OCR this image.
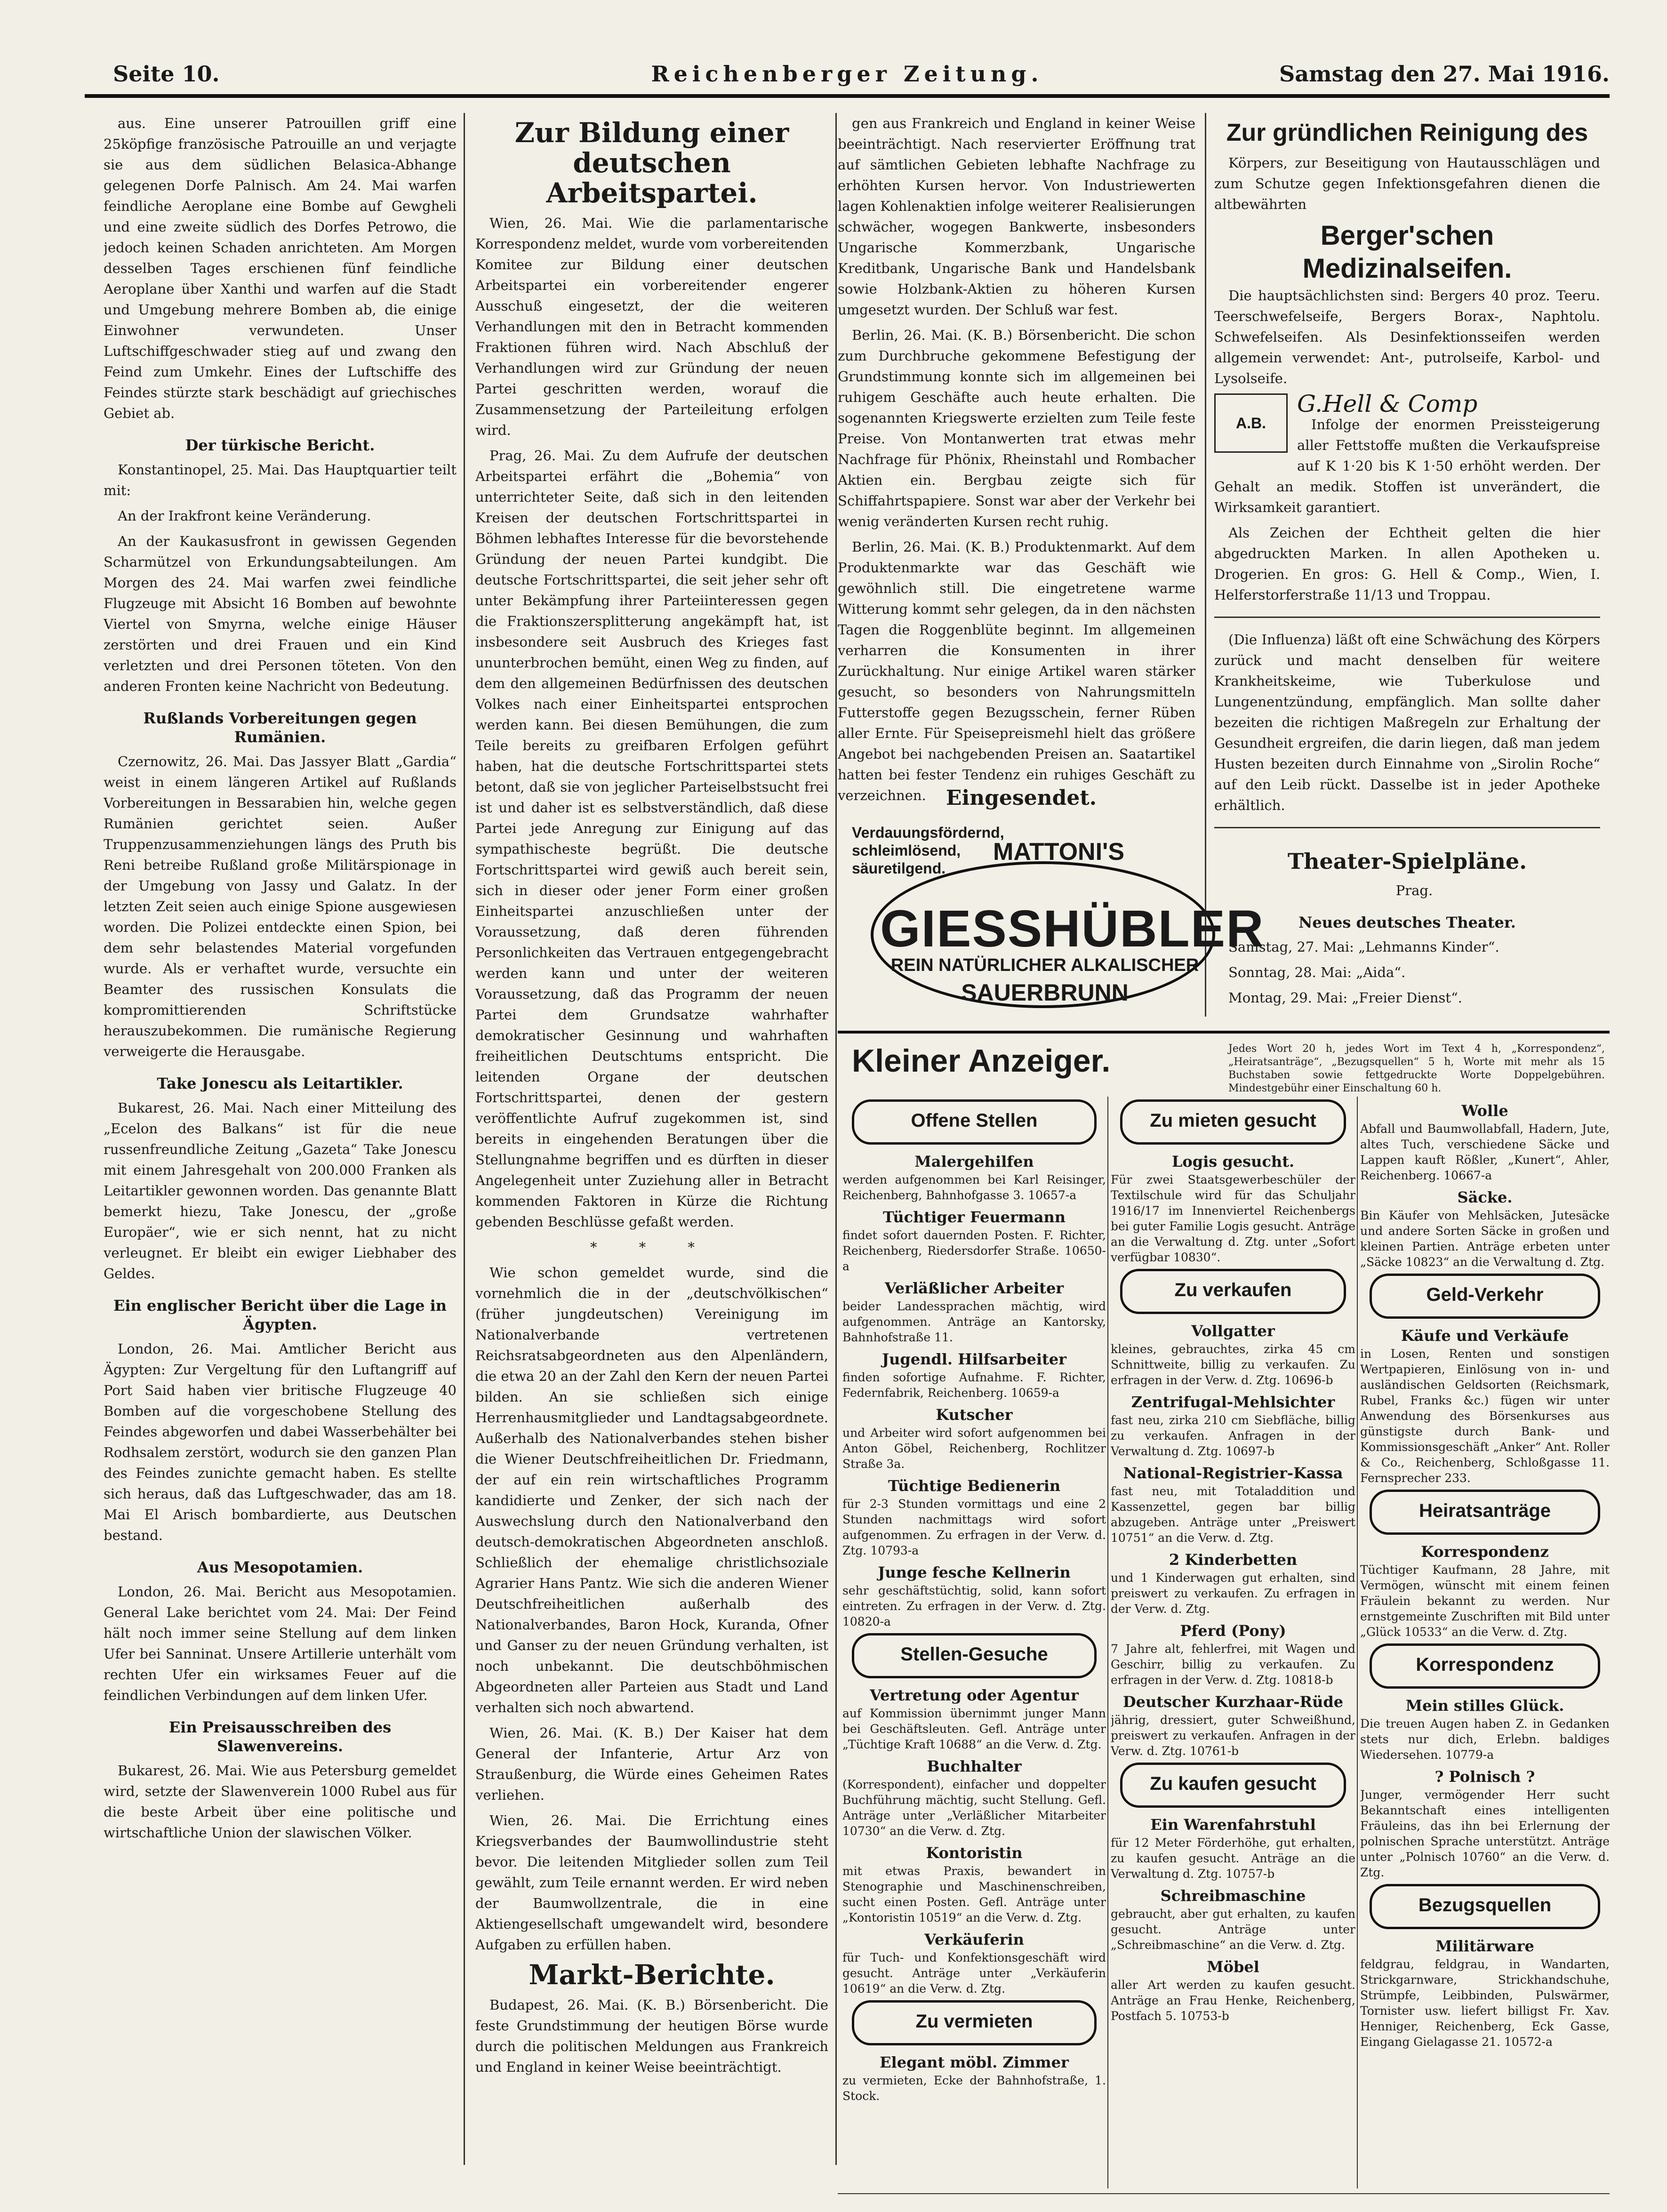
Seite 10.	Reichenberger Zeitung.	Samstag den 27. Mai 1916.

aus. Eine unserer Patrouillen griff eine 25köpfige französische Patrouille an und verjagte sie aus dem südlichen Belasica-Abhange gelegenen Dorfe Palnisch. Am 24. Mai warfen feindliche Aeroplane eine Bombe auf Gewgheli und eine zweite südlich des Dorfes Petrowo, die jedoch keinen Schaden anrichteten. Am Morgen desselben Tages erschienen fünf feindliche Aeroplane über Xanthi und warfen auf die Stadt und Umgebung mehrere Bomben ab, die einige Einwohner verwundeten. Unser Luftschiffgeschwader stieg auf und zwang den Feind zum Umkehr. Eines der Luftschiffe des Feindes stürzte stark beschädigt auf griechisches Gebiet ab.

Der türkische Bericht.

Konstantinopel, 25. Mai. Das Hauptquartier teilt mit:

An der Irakfront keine Veränderung.

An der Kaukasusfront in gewissen Gegenden Scharmützel von Erkundungsabteilungen. Am Morgen des 24. Mai warfen zwei feindliche Flugzeuge mit Absicht 16 Bomben auf bewohnte Viertel von Smyrna, welche einige Häuser zerstörten und drei Frauen und ein Kind verletzten und drei Personen töteten. Von den anderen Fronten keine Nachricht von Bedeutung.

Rußlands Vorbereitungen gegen Rumänien.

Czernowitz, 26. Mai. Das Jassyer Blatt „Gardia“ weist in einem längeren Artikel auf Rußlands Vorbereitungen in Bessarabien hin, welche gegen Rumänien gerichtet seien. Außer Truppenzusammenziehungen längs des Pruth bis Reni betreibe Rußland große Militärspionage in der Umgebung von Jassy und Galatz. In der letzten Zeit seien auch einige Spione ausgewiesen worden. Die Polizei entdeckte einen Spion, bei dem sehr belastendes Material vorgefunden wurde. Als er verhaftet wurde, versuchte ein Beamter des russischen Konsulats die kompromittierenden Schriftstücke herauszubekommen. Die rumänische Regierung verweigerte die Herausgabe.

Take Jonescu als Leitartikler.

Bukarest, 26. Mai. Nach einer Mitteilung des „Ecelon des Balkans“ ist für die neue russenfreundliche Zeitung „Gazeta“ Take Jonescu mit einem Jahresgehalt von 200.000 Franken als Leitartikler gewonnen worden. Das genannte Blatt bemerkt hiezu, Take Jonescu, der „große Europäer“, wie er sich nennt, hat zu nicht verleugnet. Er bleibt ein ewiger Liebhaber des Geldes.

Ein englischer Bericht über die Lage in Ägypten.

London, 26. Mai. Amtlicher Bericht aus Ägypten: Zur Vergeltung für den Luftangriff auf Port Said haben vier britische Flugzeuge 40 Bomben auf die vorgeschobene Stellung des Feindes abgeworfen und dabei Wasserbehälter bei Rodhsalem zerstört, wodurch sie den ganzen Plan des Feindes zunichte gemacht haben. Es stellte sich heraus, daß das Luftgeschwader, das am 18. Mai El Arisch bombardierte, aus Deutschen bestand.

Aus Mesopotamien.

London, 26. Mai. Bericht aus Mesopotamien. General Lake berichtet vom 24. Mai: Der Feind hält noch immer seine Stellung auf dem linken Ufer bei Sanninat. Unsere Artillerie unterhält vom rechten Ufer ein wirksames Feuer auf die feindlichen Verbindungen auf dem linken Ufer.

Ein Preisausschreiben des Slawenvereins.

Bukarest, 26. Mai. Wie aus Petersburg gemeldet wird, setzte der Slawenverein 1000 Rubel aus für die beste Arbeit über eine politische und wirtschaftliche Union der slawischen Völker.

Zur Bildung einer deutschen Arbeitspartei.

Wien, 26. Mai. Wie die parlamentarische Korrespondenz meldet, wurde vom vorbereitenden Komitee zur Bildung einer deutschen Arbeitspartei ein vorbereitender engerer Ausschuß eingesetzt, der die weiteren Verhandlungen mit den in Betracht kommenden Fraktionen führen wird. Nach Abschluß der Verhandlungen wird zur Gründung der neuen Partei geschritten werden, worauf die Zusammensetzung der Parteileitung erfolgen wird.

Prag, 26. Mai. Zu dem Aufrufe der deutschen Arbeitspartei erfährt die „Bohemia“ von unterrichteter Seite, daß sich in den leitenden Kreisen der deutschen Fortschrittspartei in Böhmen lebhaftes Interesse für die bevorstehende Gründung der neuen Partei kundgibt. Die deutsche Fortschrittspartei, die seit jeher sehr oft unter Bekämpfung ihrer Parteiinteressen gegen die Fraktionszersplitterung angekämpft hat, ist insbesondere seit Ausbruch des Krieges fast ununterbrochen bemüht, einen Weg zu finden, auf dem den allgemeinen Bedürfnissen des deutschen Volkes nach einer Einheitspartei entsprochen werden kann. Bei diesen Bemühungen, die zum Teile bereits zu greifbaren Erfolgen geführt haben, hat die deutsche Fortschrittspartei stets betont, daß sie von jeglicher Parteiselbstsucht frei ist und daher ist es selbstverständlich, daß diese Partei jede Anregung zur Einigung auf das sympathischeste begrüßt. Die deutsche Fortschrittspartei wird gewiß auch bereit sein, sich in dieser oder jener Form einer großen Einheitspartei anzuschließen unter der Voraussetzung, daß deren führenden Personlichkeiten das Vertrauen entgegengebracht werden kann und unter der weiteren Voraussetzung, daß das Programm der neuen Partei dem Grundsatze wahrhafter demokratischer Gesinnung und wahrhaften freiheitlichen Deutschtums entspricht. Die leitenden Organe der deutschen Fortschrittspartei, denen der gestern veröffentlichte Aufruf zugekommen ist, sind bereits in eingehenden Beratungen über die Stellungnahme begriffen und es dürften in dieser Angelegenheit unter Zuziehung aller in Betracht kommenden Faktoren in Kürze die Richtung gebenden Beschlüsse gefaßt werden.

* * *

Wie schon gemeldet wurde, sind die vornehmlich die in der „deutschvölkischen“ (früher jungdeutschen) Vereinigung im Nationalverbande vertretenen Reichsratsabgeordneten aus den Alpenländern, die etwa 20 an der Zahl den Kern der neuen Partei bilden. An sie schließen sich einige Herrenhausmitglieder und Landtagsabgeordnete. Außerhalb des Nationalverbandes stehen bisher die Wiener Deutschfreiheitlichen Dr. Friedmann, der auf ein rein wirtschaftliches Programm kandidierte und Zenker, der sich nach der Auswechslung durch den Nationalverband den deutsch-demokratischen Abgeordneten anschloß. Schließlich der ehemalige christlichsoziale Agrarier Hans Pantz. Wie sich die anderen Wiener Deutschfreiheitlichen außerhalb des Nationalverbandes, Baron Hock, Kuranda, Ofner und Ganser zu der neuen Gründung verhalten, ist noch unbekannt. Die deutschböhmischen Abgeordneten aller Parteien aus Stadt und Land verhalten sich noch abwartend.

Wien, 26. Mai. (K. B.) Der Kaiser hat dem General der Infanterie, Artur Arz von Straußenburg, die Würde eines Geheimen Rates verliehen.

Wien, 26. Mai. Die Errichtung eines Kriegsverbandes der Baumwollindustrie steht bevor. Die leitenden Mitglieder sollen zum Teil gewählt, zum Teile ernannt werden. Er wird neben der Baumwollzentrale, die in eine Aktiengesellschaft umgewandelt wird, besondere Aufgaben zu erfüllen haben.

Markt-Berichte.

Budapest, 26. Mai. (K. B.) Börsenbericht. Die feste Grundstimmung der heutigen Börse wurde durch die politischen Meldungen aus Frankreich und England in keiner Weise beeinträchtigt.

gen aus Frankreich und England in keiner Weise beeinträchtigt. Nach reservierter Eröffnung trat auf sämtlichen Gebieten lebhafte Nachfrage zu erhöhten Kursen hervor. Von Industriewerten lagen Kohlenaktien infolge weiterer Realisierungen schwächer, wogegen Bankwerte, insbesonders Ungarische Kommerzbank, Ungarische Kreditbank, Ungarische Bank und Handelsbank sowie Holzbank-Aktien zu höheren Kursen umgesetzt wurden. Der Schluß war fest.

Berlin, 26. Mai. (K. B.) Börsenbericht. Die schon zum Durchbruche gekommene Befestigung der Grundstimmung konnte sich im allgemeinen bei ruhigem Geschäfte auch heute erhalten. Die sogenannten Kriegswerte erzielten zum Teile feste Preise. Von Montanwerten trat etwas mehr Nachfrage für Phönix, Rheinstahl und Rombacher Aktien ein. Bergbau zeigte sich für Schiffahrtspapiere. Sonst war aber der Verkehr bei wenig veränderten Kursen recht ruhig.

Berlin, 26. Mai. (K. B.) Produktenmarkt. Auf dem Produktenmarkte war das Geschäft wie gewöhnlich still. Die eingetretene warme Witterung kommt sehr gelegen, da in den nächsten Tagen die Roggenblüte beginnt. Im allgemeinen verharren die Konsumenten in ihrer Zurückhaltung. Nur einige Artikel waren stärker gesucht, so besonders von Nahrungsmitteln Futterstoffe gegen Bezugsschein, ferner Rüben aller Ernte. Für Speisepreismehl hielt das größere Angebot bei nachgebenden Preisen an. Saatartikel hatten bei fester Tendenz ein ruhiges Geschäft zu verzeichnen.

Zur gründlichen Reinigung des

Körpers, zur Beseitigung von Hautausschlägen und zum Schutze gegen Infektionsgefahren dienen die altbewährten

Berger'schen Medizinalseifen.

Die hauptsächlichsten sind: Bergers 40 proz. Teeru. Teerschwefelseife, Bergers Borax-, Naphtolu. Schwefelseifen. Als Desinfektionsseifen werden allgemein verwendet: Ant-, putrolseife, Karbol- und Lysolseife.

A.B.
G.Hell & Comp

Infolge der enormen Preissteigerung aller Fettstoffe mußten die Verkaufspreise auf K 1·20 bis K 1·50 erhöht werden. Der Gehalt an medik. Stoffen ist unverändert, die Wirksamkeit garantiert.

Als Zeichen der Echtheit gelten die hier abgedruckten Marken. In allen Apotheken u. Drogerien. En gros: G. Hell & Comp., Wien, I. Helferstorferstraße 11/13 und Troppau.

(Die Influenza) läßt oft eine Schwächung des Körpers zurück und macht denselben für weitere Krankheitskeime, wie Tuberkulose und Lungenentzündung, empfänglich. Man sollte daher bezeiten die richtigen Maßregeln zur Erhaltung der Gesundheit ergreifen, die darin liegen, daß man jedem Husten bezeiten durch Einnahme von „Sirolin Roche“ auf den Leib rückt. Dasselbe ist in jeder Apotheke erhältlich.

Theater-Spielpläne.

Prag.

Neues deutsches Theater.

Samstag, 27. Mai: „Lehmanns Kinder“.

Sonntag, 28. Mai: „Aida“.

Montag, 29. Mai: „Freier Dienst“.

Eingesendet.
Verdauungsfördernd, schleimlösend, säuretilgend.
MATTONI'S
GIESSHÜBLER
REIN NATÜRLICHER ALKALISCHER
SAUERBRUNN
Kleiner Anzeiger.	Jedes Wort 20 h, jedes Wort im Text 4 h, „Korrespondenz“, „Heiratsanträge“, „Bezugsquellen“ 5 h, Worte mit mehr als 15 Buchstaben sowie fettgedruckte Worte Doppelgebühren. Mindestgebühr einer Einschaltung 60 h.
Offene Stellen
Malergehilfen
werden aufgenommen bei Karl Reisinger, Reichenberg, Bahnhofgasse 3. 10657-a
Tüchtiger Feuermann
findet sofort dauernden Posten. F. Richter, Reichenberg, Riedersdorfer Straße. 10650-a
Verläßlicher Arbeiter
beider Landessprachen mächtig, wird aufgenommen. Anträge an Kantorsky, Bahnhofstraße 11.
Jugendl. Hilfsarbeiter
finden sofortige Aufnahme. F. Richter, Federnfabrik, Reichenberg. 10659-a
Kutscher
und Arbeiter wird sofort aufgenommen bei Anton Göbel, Reichenberg, Rochlitzer Straße 3a.
Tüchtige Bedienerin
für 2-3 Stunden vormittags und eine 2 Stunden nachmittags wird sofort aufgenommen. Zu erfragen in der Verw. d. Ztg. 10793-a
Junge fesche Kellnerin
sehr geschäftstüchtig, solid, kann sofort eintreten. Zu erfragen in der Verw. d. Ztg. 10820-a
Stellen-Gesuche
Vertretung oder Agentur
auf Kommission übernimmt junger Mann bei Geschäftsleuten. Gefl. Anträge unter „Tüchtige Kraft 10688“ an die Verw. d. Ztg.
Buchhalter
(Korrespondent), einfacher und doppelter Buchführung mächtig, sucht Stellung. Gefl. Anträge unter „Verläßlicher Mitarbeiter 10730“ an die Verw. d. Ztg.
Kontoristin
mit etwas Praxis, bewandert in Stenographie und Maschinenschreiben, sucht einen Posten. Gefl. Anträge unter „Kontoristin 10519“ an die Verw. d. Ztg.
Verkäuferin
für Tuch- und Konfektionsgeschäft wird gesucht. Anträge unter „Verkäuferin 10619“ an die Verw. d. Ztg.
Zu vermieten
Elegant möbl. Zimmer
zu vermieten, Ecke der Bahnhofstraße, 1. Stock.
Zu mieten gesucht
Logis gesucht.
Für zwei Staatsgewerbeschüler der Textilschule wird für das Schuljahr 1916/17 im Innenviertel Reichenbergs bei guter Familie Logis gesucht. Anträge an die Verwaltung d. Ztg. unter „Sofort verfügbar 10830“.
Zu verkaufen
Vollgatter
kleines, gebrauchtes, zirka 45 cm Schnittweite, billig zu verkaufen. Zu erfragen in der Verw. d. Ztg. 10696-b
Zentrifugal-Mehlsichter
fast neu, zirka 210 cm Siebfläche, billig zu verkaufen. Anfragen in der Verwaltung d. Ztg. 10697-b
National-Registrier-Kassa
fast neu, mit Totaladdition und Kassenzettel, gegen bar billig abzugeben. Anträge unter „Preiswert 10751“ an die Verw. d. Ztg.
2 Kinderbetten
und 1 Kinderwagen gut erhalten, sind preiswert zu verkaufen. Zu erfragen in der Verw. d. Ztg.
Pferd (Pony)
7 Jahre alt, fehlerfrei, mit Wagen und Geschirr, billig zu verkaufen. Zu erfragen in der Verw. d. Ztg. 10818-b
Deutscher Kurzhaar-Rüde
jährig, dressiert, guter Schweißhund, preiswert zu verkaufen. Anfragen in der Verw. d. Ztg. 10761-b
Zu kaufen gesucht
Ein Warenfahrstuhl
für 12 Meter Förderhöhe, gut erhalten, zu kaufen gesucht. Anträge an die Verwaltung d. Ztg. 10757-b
Schreibmaschine
gebraucht, aber gut erhalten, zu kaufen gesucht. Anträge unter „Schreibmaschine“ an die Verw. d. Ztg.
Möbel
aller Art werden zu kaufen gesucht. Anträge an Frau Henke, Reichenberg, Postfach 5. 10753-b
Wolle
Abfall und Baumwollabfall, Hadern, Jute, altes Tuch, verschiedene Säcke und Lappen kauft Rößler, „Kunert“, Ahler, Reichenberg. 10667-a
Säcke.
Bin Käufer von Mehlsäcken, Jutesäcke und andere Sorten Säcke in großen und kleinen Partien. Anträge erbeten unter „Säcke 10823“ an die Verwaltung d. Ztg.
Geld-Verkehr
Käufe und Verkäufe
in Losen, Renten und sonstigen Wertpapieren, Einlösung von in- und ausländischen Geldsorten (Reichsmark, Rubel, Franks &c.) fügen wir unter Anwendung des Börsenkurses aus günstigste durch Bank- und Kommissionsgeschäft „Anker“ Ant. Roller & Co., Reichenberg, Schloßgasse 11. Fernsprecher 233.
Heiratsanträge
Korrespondenz
Tüchtiger Kaufmann, 28 Jahre, mit Vermögen, wünscht mit einem feinen Fräulein bekannt zu werden. Nur ernstgemeinte Zuschriften mit Bild unter „Glück 10533“ an die Verw. d. Ztg.
Korrespondenz
Mein stilles Glück.
Die treuen Augen haben Z. in Gedanken stets nur dich, Erlebn. baldiges Wiedersehen. 10779-a
? Polnisch ?
Junger, vermögender Herr sucht Bekanntschaft eines intelligenten Fräuleins, das ihn bei Erlernung der polnischen Sprache unterstützt. Anträge unter „Polnisch 10760“ an die Verw. d. Ztg.
Bezugsquellen
Militärware
feldgrau, feldgrau, in Wandarten, Strickgarnware, Strickhandschuhe, Strümpfe, Leibbinden, Pulswärmer, Tornister usw. liefert billigst Fr. Xav. Henniger, Reichenberg, Eck Gasse, Eingang Gielagasse 21. 10572-a
